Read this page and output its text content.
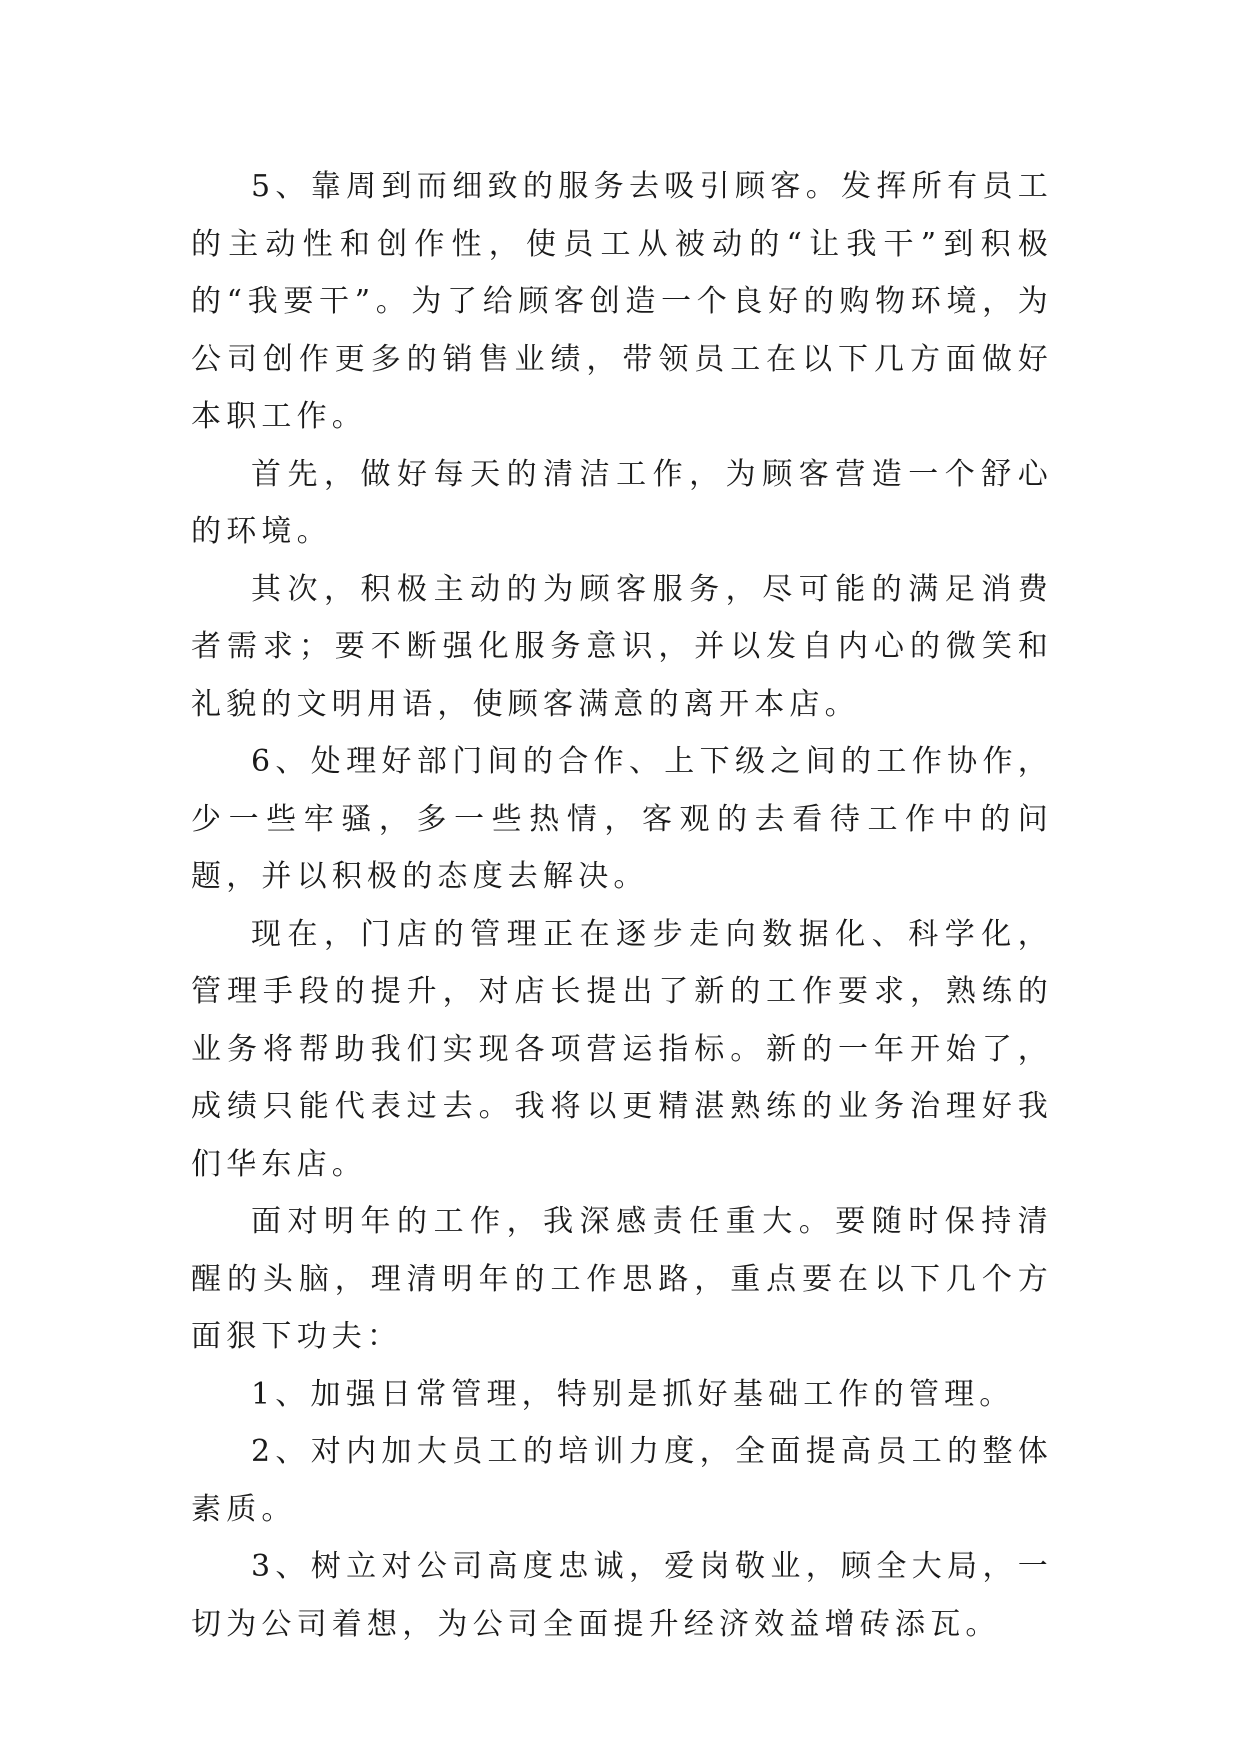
5、靠周到而细致的服务去吸引顾客。发挥所有员工的主动性和创作性，使员工从被动的“让我干”到积极的“我要干”。为了给顾客创造一个良好的购物环境，为公司创作更多的销售业绩，带领员工在以下几方面做好本职工作。

首先，做好每天的清洁工作，为顾客营造一个舒心的环境。

其次，积极主动的为顾客服务，尽可能的满足消费者需求；要不断强化服务意识，并以发自内心的微笑和礼貌的文明用语，使顾客满意的离开本店。

6、处理好部门间的合作、上下级之间的工作协作，少一些牢骚，多一些热情，客观的去看待工作中的问题，并以积极的态度去解决。

现在，门店的管理正在逐步走向数据化、科学化，管理手段的提升，对店长提出了新的工作要求，熟练的业务将帮助我们实现各项营运指标。新的一年开始了，成绩只能代表过去。我将以更精湛熟练的业务治理好我们华东店。

面对明年的工作，我深感责任重大。要随时保持清醒的头脑，理清明年的工作思路，重点要在以下几个方面狠下功夫：

1、加强日常管理，特别是抓好基础工作的管理。

2、对内加大员工的培训力度，全面提高员工的整体素质。

3、树立对公司高度忠诚，爱岗敬业，顾全大局，一切为公司着想，为公司全面提升经济效益增砖添瓦。
